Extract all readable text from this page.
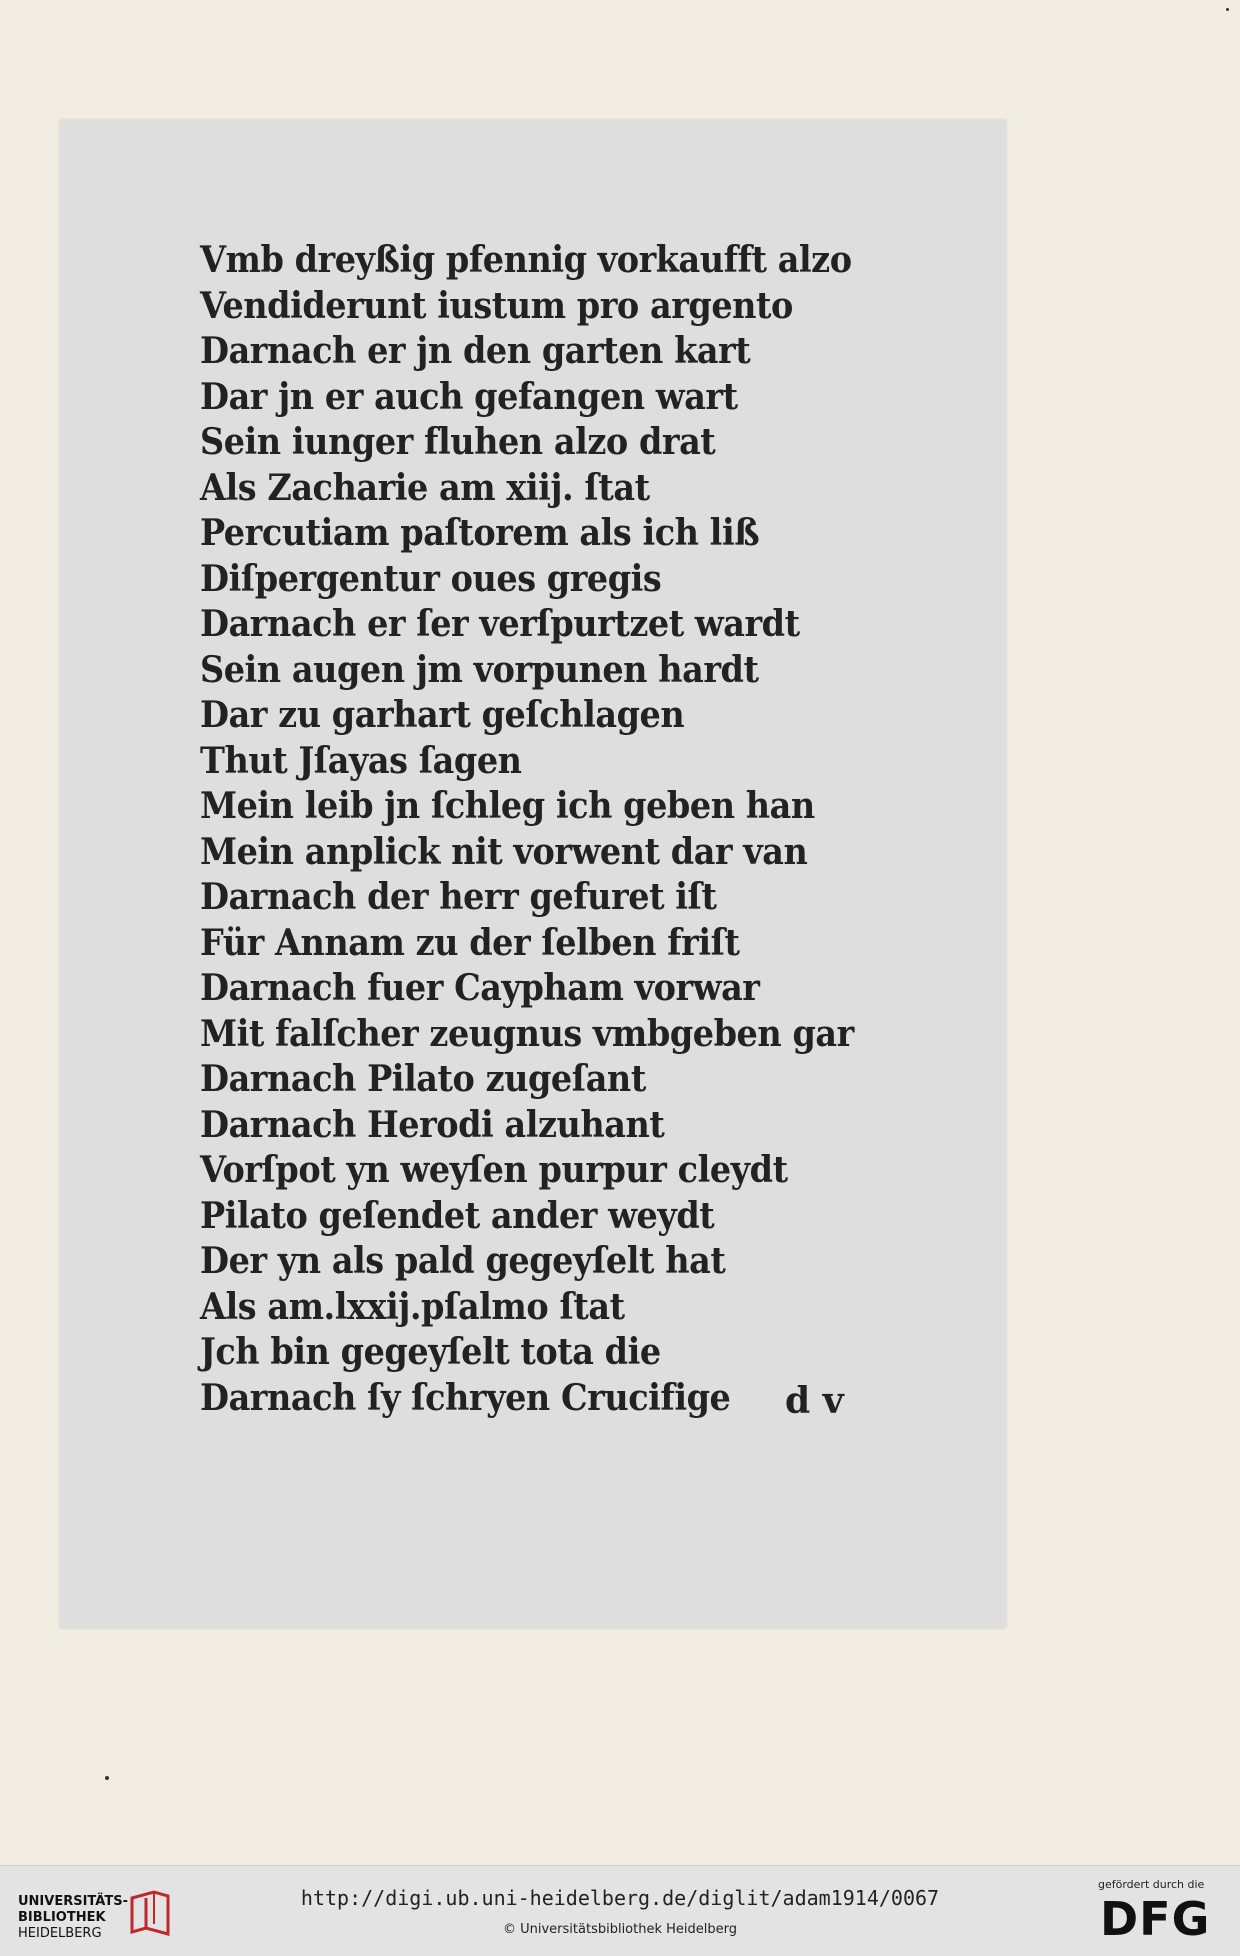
Vmb dreyßig pfennig vorkaufft alzo
Vendiderunt iustum pro argento
Darnach er jn den garten kart
Dar jn er auch gefangen wart
Sein iunger fluhen alzo drat
Als Zacharie am xiij. ſtat
Percutiam paſtorem als ich liß
Diſpergentur oues gregis
Darnach er ſer verſpurtzet wardt
Sein augen jm vorpunen hardt
Dar zu garhart geſchlagen
Thut Jſayas ſagen
Mein leib jn ſchleg ich geben han
Mein anplick nit vorwent dar van
Darnach der herr gefuret iſt
Für Annam zu der ſelben friſt
Darnach fuer Caypham vorwar
Mit falſcher zeugnus vmbgeben gar
Darnach Pilato zugeſant
Darnach Herodi alzuhant
Vorſpot yn weyſen purpur cleydt
Pilato geſendet ander weydt
Der yn als pald gegeyſelt hat
Als am.lxxij.pſalmo ſtat
Jch bin gegeyſelt tota die
Darnach ſy ſchryen Crucifige	d v
UNIVERSITÄTS-
BIBLIOTHEK
HEIDELBERG
http://digi.ub.uni-heidelberg.de/diglit/adam1914/0067
© Universitätsbibliothek Heidelberg
gefördert durch die
DFG
